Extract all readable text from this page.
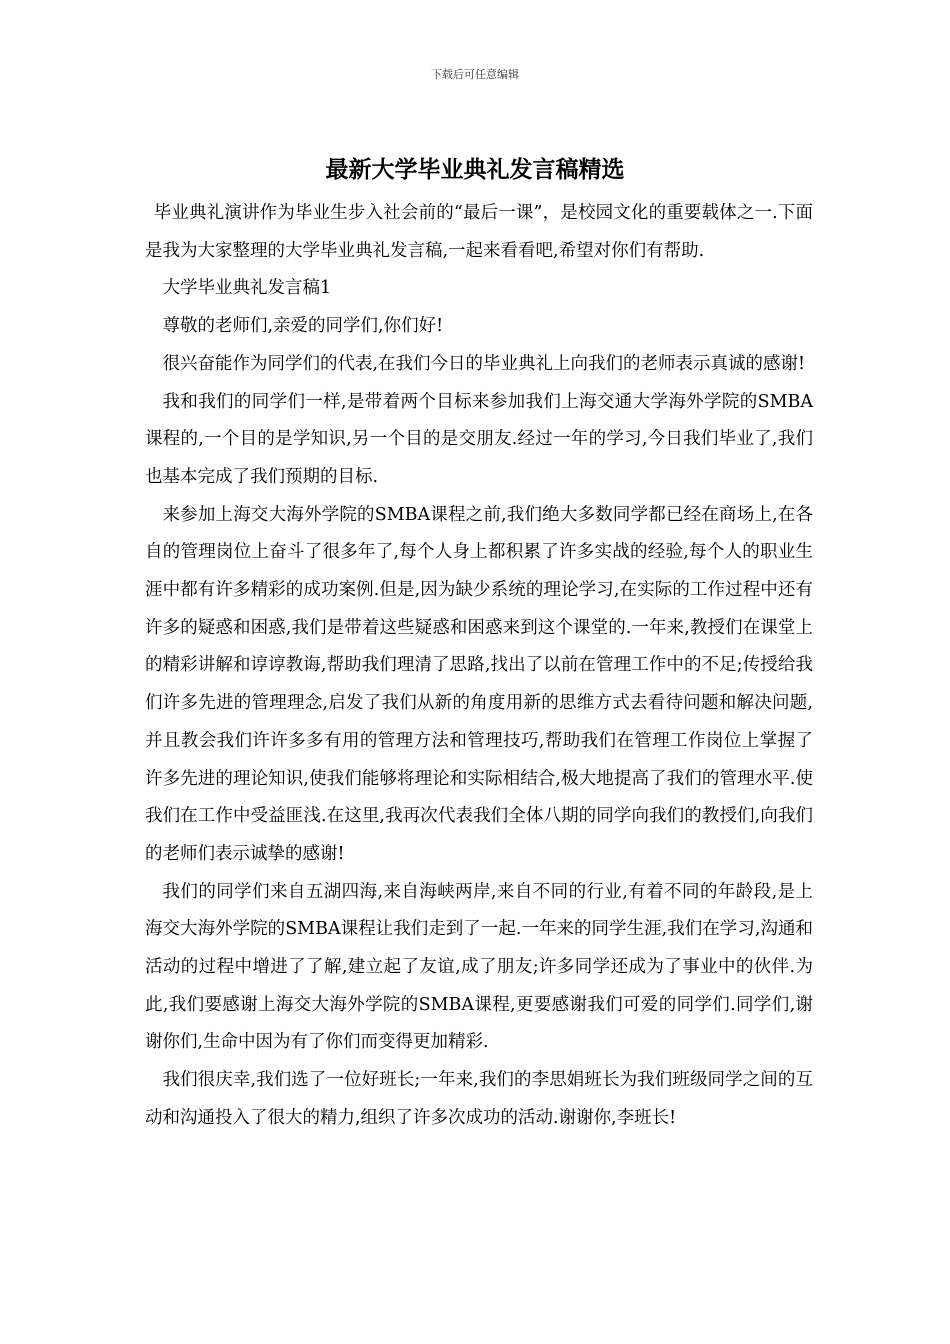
下载后可任意编辑
最新大学毕业典礼发言稿精选

毕业典礼演讲作为毕业生步入社会前的“最后一课”，是校园文化的重要载体之一.下面是我为大家整理的大学毕业典礼发言稿,一起来看看吧,希望对你们有帮助.

大学毕业典礼发言稿1

尊敬的老师们,亲爱的同学们,你们好!

很兴奋能作为同学们的代表,在我们今日的毕业典礼上向我们的老师表示真诚的感谢!

我和我们的同学们一样,是带着两个目标来参加我们上海交通大学海外学院的SMBA课程的,一个目的是学知识,另一个目的是交朋友.经过一年的学习,今日我们毕业了,我们也基本完成了我们预期的目标.

来参加上海交大海外学院的SMBA课程之前,我们绝大多数同学都已经在商场上,在各自的管理岗位上奋斗了很多年了,每个人身上都积累了许多实战的经验,每个人的职业生涯中都有许多精彩的成功案例.但是,因为缺少系统的理论学习,在实际的工作过程中还有许多的疑惑和困惑,我们是带着这些疑惑和困惑来到这个课堂的.一年来,教授们在课堂上的精彩讲解和谆谆教诲,帮助我们理清了思路,找出了以前在管理工作中的不足;传授给我们许多先进的管理理念,启发了我们从新的角度用新的思维方式去看待问题和解决问题,并且教会我们许许多多有用的管理方法和管理技巧,帮助我们在管理工作岗位上掌握了许多先进的理论知识,使我们能够将理论和实际相结合,极大地提高了我们的管理水平.使我们在工作中受益匪浅.在这里,我再次代表我们全体八期的同学向我们的教授们,向我们的老师们表示诚挚的感谢!

我们的同学们来自五湖四海,来自海峡两岸,来自不同的行业,有着不同的年龄段,是上海交大海外学院的SMBA课程让我们走到了一起.一年来的同学生涯,我们在学习,沟通和活动的过程中增进了了解,建立起了友谊,成了朋友;许多同学还成为了事业中的伙伴.为此,我们要感谢上海交大海外学院的SMBA课程,更要感谢我们可爱的同学们.同学们,谢谢你们,生命中因为有了你们而变得更加精彩.

我们很庆幸,我们选了一位好班长;一年来,我们的李思娟班长为我们班级同学之间的互动和沟通投入了很大的精力,组织了许多次成功的活动.谢谢你,李班长!
